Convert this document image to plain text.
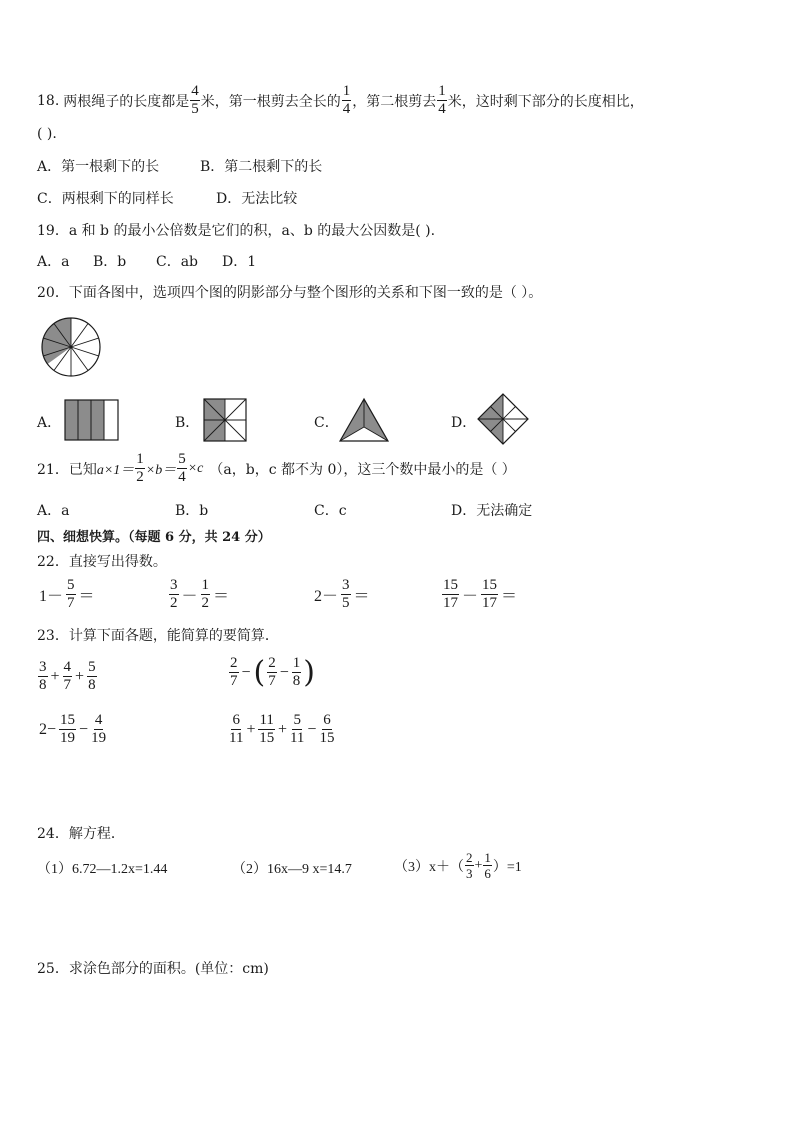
18. 两根绳子的长度都是 $\frac{4}{5}$ 米，第一根剪去全长的 $\frac{1}{4}$ ，第二根剪去 $\frac{1}{4}$ 米，这时剩下部分的长度相比，
( ).
A．第一根剩下的长	B．第二根剩下的长
C．两根剩下的同样长	D．无法比较
19．a 和 b 的最小公倍数是它们的积，a、b 的最大公因数是( ).
A．a B．b C．ab D．1
20．下面各图中，选项四个图的阴影部分与整个图形的关系和下图一致的是（ ）。
A．	B．	C．	D．
21．已知 $a\times 1= \frac{1}{2} \times b= \frac{5}{4} \times c$ （a，b，c 都不为 0），这三个数中最小的是（ ）
A．a	B．b	C．c	D．无法确定
四、细想快算。（每题 6 分，共 24 分）
22．直接写出得数。
$1- \frac{5}{7}$ ＝	$\frac{3}{2} - \frac{1}{2}$ ＝	$2- \frac{3}{5}$ ＝	$\frac{15}{17} - \frac{15}{17}$ ＝
23．计算下面各题，能简算的要简算．
$\frac{3}{8} + \frac{4}{7} + \frac{5}{8}$	$\frac{2}{7}$ − ( $\frac{2}{7} - \frac{1}{8}$ )
$2- \frac{15}{19} - \frac{4}{19}$	$\frac{6}{11} + \frac{11}{15} + \frac{5}{11} - \frac{6}{15}$
24．解方程．
（1）6.72—1.2x=1.44	（2）16x—9 x=14.7	$(3)x+( \frac{2}{3} + \frac{1}{6} )=1$
25．求涂色部分的面积。(单位：cm)
